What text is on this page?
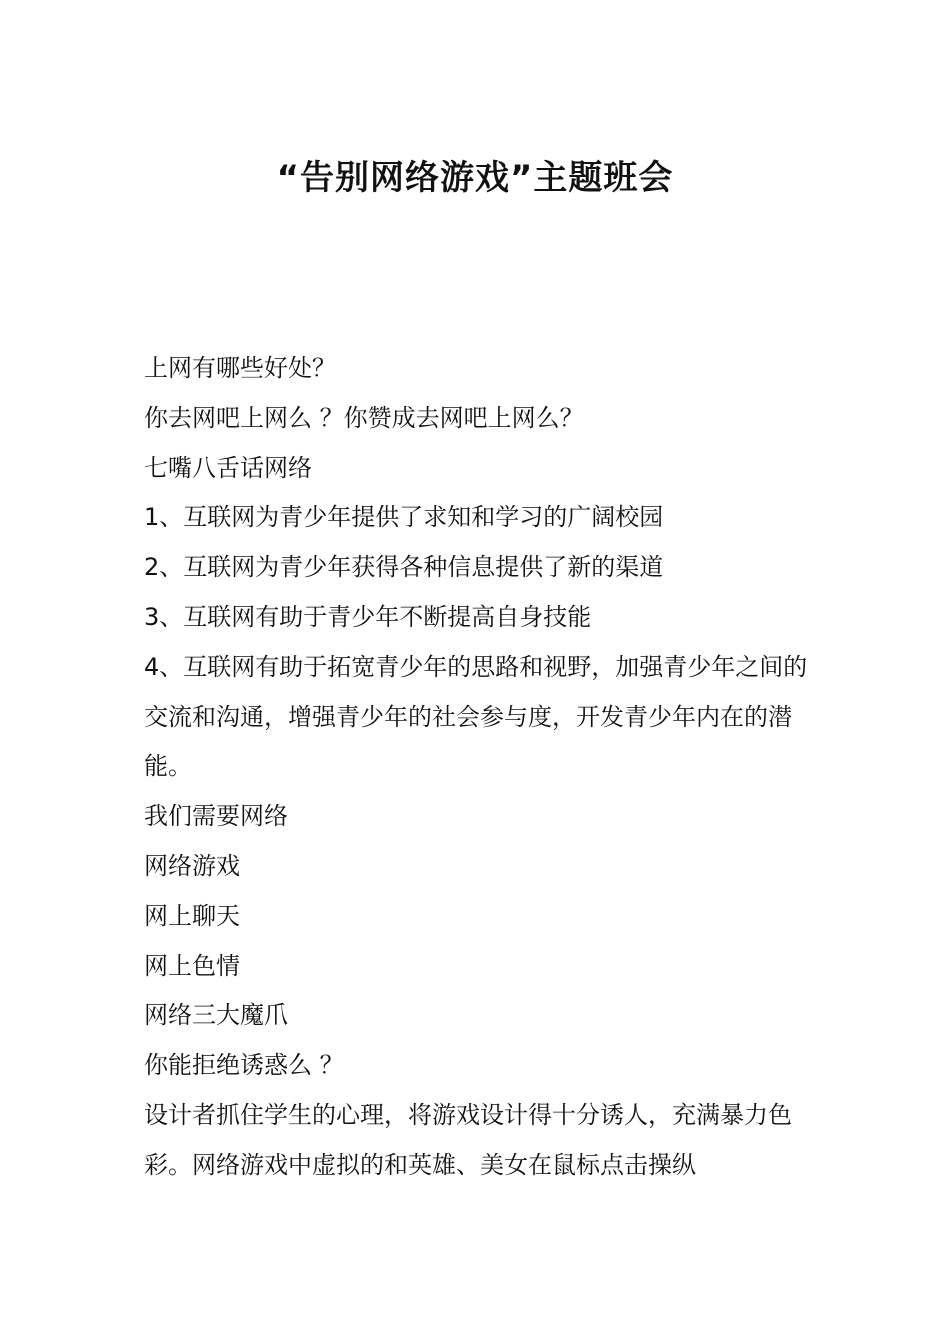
“告别网络游戏”主题班会

上网有哪些好处？

你去网吧上网么 ？你赞成去网吧上网么？

七嘴八舌话网络

1、互联网为青少年提供了求知和学习的广阔校园

2、互联网为青少年获得各种信息提供了新的渠道

3、互联网有助于青少年不断提高自身技能

4、互联网有助于拓宽青少年的思路和视野，加强青少年之间的交流和沟通，增强青少年的社会参与度，开发青少年内在的潜能。

我们需要网络

网络游戏

网上聊天

网上色情

网络三大魔爪

你能拒绝诱惑么 ？

设计者抓住学生的心理，将游戏设计得十分诱人，充满暴力色彩。网络游戏中虚拟的和英雄、美女在鼠标点击操纵
